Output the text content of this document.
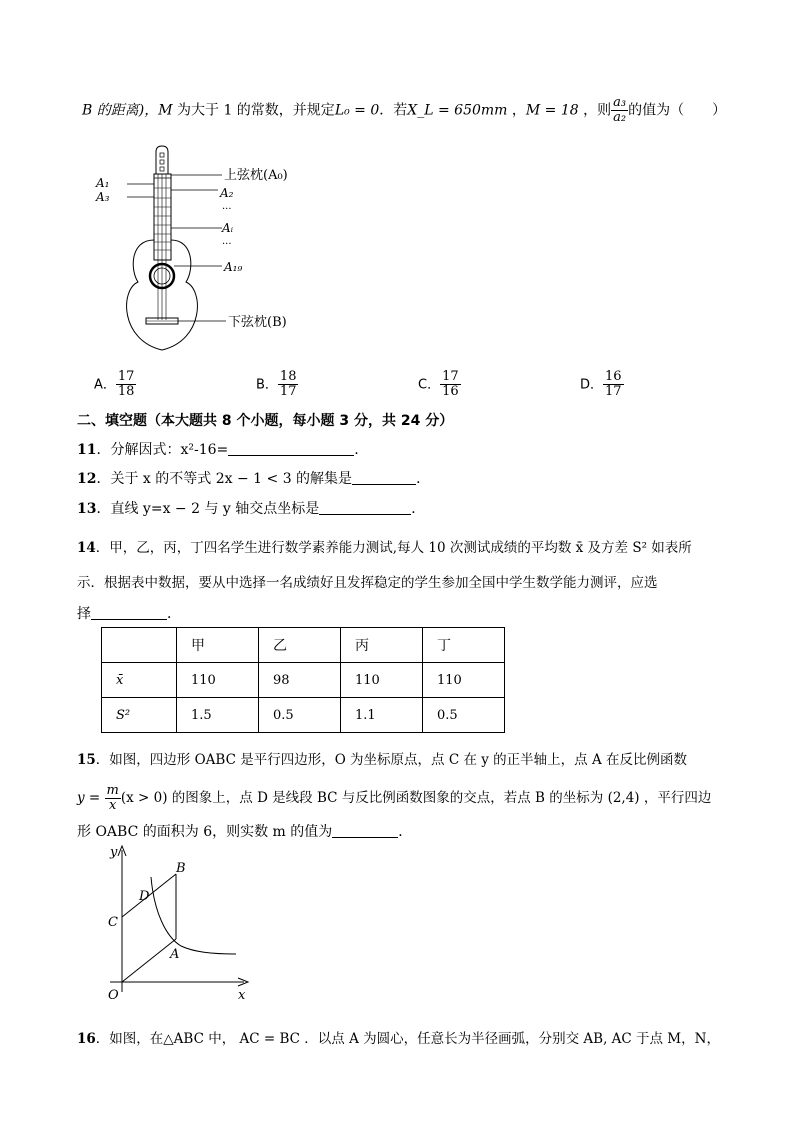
B 的距离)，M 为大于 1 的常数，并规定L₀ = 0．若X_L = 650mm ，M = 18 ，则 $\frac{\text{a₃}}{\text{a₂}}$ 的值为（　　）
上弦枕(A₀)
A₁
A₂
A₃
···
Aᵢ
···
A₁₉
下弦枕(B)
A． $\frac{17}{18}$	B． $\frac{18}{17}$	C． $\frac{17}{16}$	D． $\frac{16}{17}$
二、填空题（本大题共 8 个小题，每小题 3 分，共 24 分）
11．分解因式：x²-16=	.
12．关于 x 的不等式 2x − 1 < 3 的解集是	．
13．直线 y=x − 2 与 y 轴交点坐标是	．
14．甲，乙，丙，丁四名学生进行数学素养能力测试,每人 10 次测试成绩的平均数 x̄ 及方差 S² 如表所
示．根据表中数据，要从中选择一名成绩好且发挥稳定的学生参加全国中学生数学能力测评，应选
择	．
	甲	乙	丙	丁
x̄	110	98	110	110
S²	1.5	0.5	1.1	0.5
15．如图，四边形 OABC 是平行四边形，O 为坐标原点，点 C 在 y 的正半轴上，点 A 在反比例函数
$y = \frac{m}{x} (x > 0)$ 的图象上，点 D 是线段 BC 与反比例函数图象的交点，若点 B 的坐标为 (2,4) ，平行四边
形 OABC 的面积为 6，则实数 m 的值为	．
y
x
O
A
B
C
D
16．如图，在△ABC 中， AC = BC ．以点 A 为圆心，任意长为半径画弧，分别交 AB, AC 于点 M，N，
